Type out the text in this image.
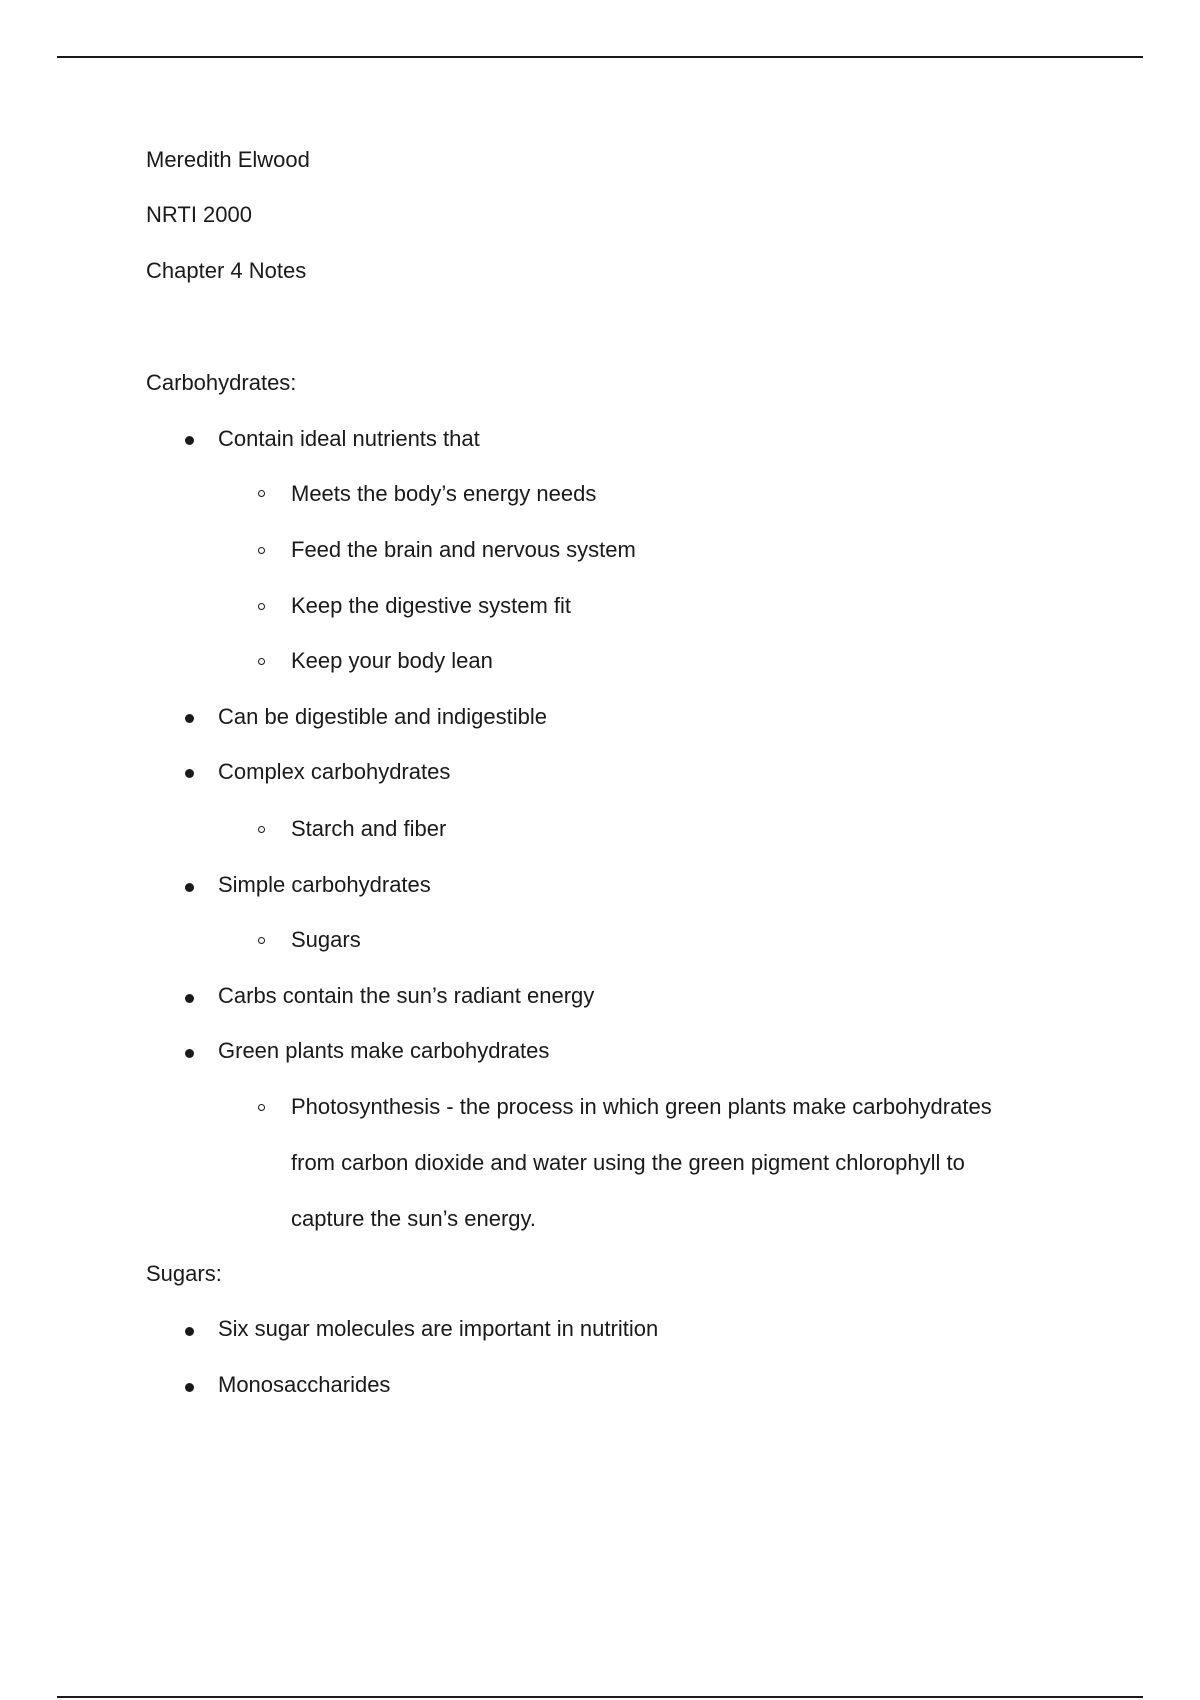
Meredith Elwood
NRTI 2000
Chapter 4 Notes
Carbohydrates:
Contain ideal nutrients that
Meets the body’s energy needs
Feed the brain and nervous system
Keep the digestive system fit
Keep your body lean
Can be digestible and indigestible
Complex carbohydrates
Starch and fiber
Simple carbohydrates
Sugars
Carbs contain the sun’s radiant energy
Green plants make carbohydrates
Photosynthesis - the process in which green plants make carbohydrates
from carbon dioxide and water using the green pigment chlorophyll to
capture the sun’s energy.
Sugars:
Six sugar molecules are important in nutrition
Monosaccharides
